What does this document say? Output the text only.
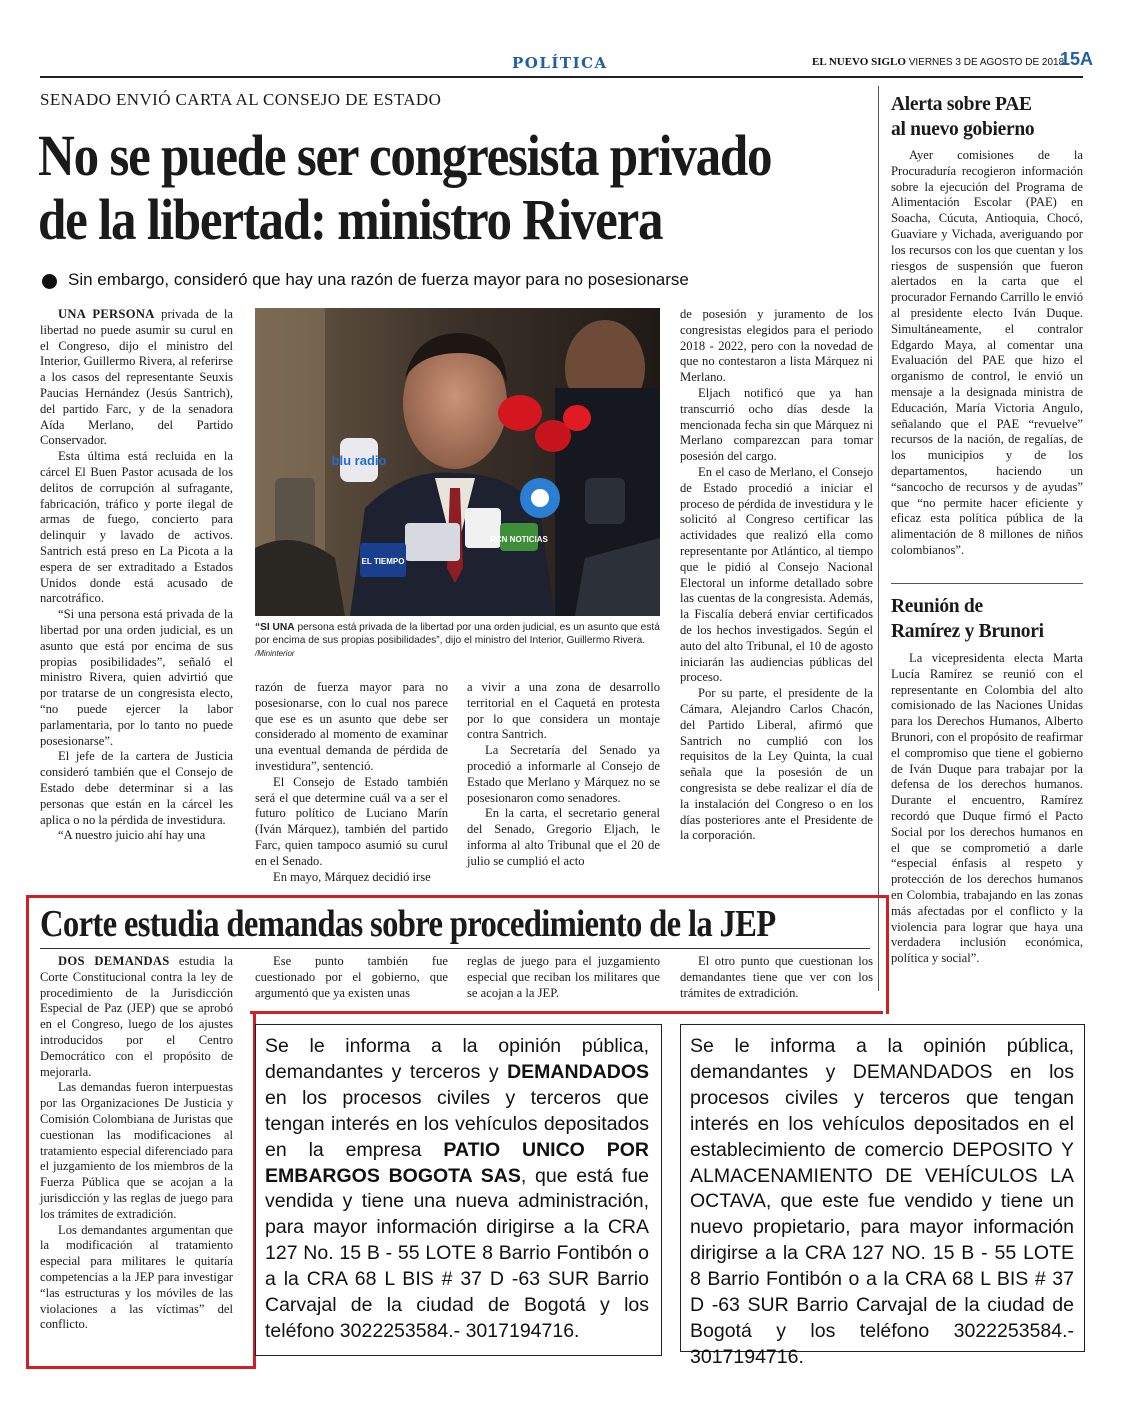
POLÍTICA	EL NUEVO SIGLO VIERNES 3 DE AGOSTO DE 2018
15A
SENADO ENVIÓ CARTA AL CONSEJO DE ESTADO
No se puede ser congresista privado
de la libertad: ministro Rivera
Sin embargo, consideró que hay una razón de fuerza mayor para no posesionarse

UNA PERSONA privada de la libertad no puede asumir su curul en el Congreso, dijo el ministro del Interior, Guillermo Rivera, al referirse a los casos del representante Seuxis Paucias Hernández (Jesús Santrich), del partido Farc, y de la senadora Aída Merlano, del Partido Conservador.

Esta última está recluida en la cárcel El Buen Pastor acusada de los delitos de corrupción al sufragante, fabricación, tráfico y porte ilegal de armas de fuego, concierto para delinquir y lavado de activos. Santrich está preso en La Picota a la espera de ser extraditado a Estados Unidos donde está acusado de narcotráfico.

“Si una persona está privada de la libertad por una orden judicial, es un asunto que está por encima de sus propias posibilidades”, señaló el ministro Rivera, quien advirtió que por tratarse de un congresista electo, “no puede ejercer la labor parlamentaria, por lo tanto no puede posesionarse”.

El jefe de la cartera de Justicia consideró también que el Consejo de Estado debe determinar si a las personas que están en la cárcel les aplica o no la pérdida de investidura.

“A nuestro juicio ahí hay una

blu radio
RCN NOTICIAS
EL TIEMPO
“SI UNA persona está privada de la libertad por una orden judicial, es un asunto que está por encima de sus propias posibilidades”, dijo el ministro del Interior, Guillermo Rivera. /Mininterior

razón de fuerza mayor para no posesionarse, con lo cual nos parece que ese es un asunto que debe ser considerado al momento de examinar una eventual demanda de pérdida de investidura”, sentenció.

El Consejo de Estado también será el que determine cuál va a ser el futuro político de Luciano Marín (Iván Márquez), también del partido Farc, quien tampoco asumió su curul en el Senado.

En mayo, Márquez decidió irse

a vivir a una zona de desarrollo territorial en el Caquetá en protesta por lo que considera un montaje contra Santrich.

La Secretaría del Senado ya procedió a informarle al Consejo de Estado que Merlano y Márquez no se posesionaron como senadores.

En la carta, el secretario general del Senado, Gregorio Eljach, le informa al alto Tribunal que el 20 de julio se cumplió el acto

de posesión y juramento de los congresistas elegidos para el periodo 2018 - 2022, pero con la novedad de que no contestaron a lista Márquez ni Merlano.

Eljach notificó que ya han transcurrió ocho días desde la mencionada fecha sin que Márquez ni Merlano comparezcan para tomar posesión del cargo.

En el caso de Merlano, el Consejo de Estado procedió a iniciar el proceso de pérdida de investidura y le solicitó al Congreso certificar las actividades que realizó ella como representante por Atlántico, al tiempo que le pidió al Consejo Nacional Electoral un informe detallado sobre las cuentas de la congresista. Además, la Fiscalía deberá enviar certificados de los hechos investigados. Según el auto del alto Tribunal, el 10 de agosto iniciarán las audiencias públicas del proceso.

Por su parte, el presidente de la Cámara, Alejandro Carlos Chacón, del Partido Liberal, afirmó que Santrich no cumplió con los requisitos de la Ley Quinta, la cual señala que la posesión de un congresista se debe realizar el día de la instalación del Congreso o en los días posteriores ante el Presidente de la corporación.

Alerta sobre PAE
al nuevo gobierno

Ayer comisiones de la Procuraduría recogieron información sobre la ejecución del Programa de Alimentación Escolar (PAE) en Soacha, Cúcuta, Antioquia, Chocó, Guaviare y Vichada, averiguando por los recursos con los que cuentan y los riesgos de suspensión que fueron alertados en la carta que el procurador Fernando Carrillo le envió al presidente electo Iván Duque. Simultáneamente, el contralor Edgardo Maya, al comentar una Evaluación del PAE que hizo el organismo de control, le envió un mensaje a la designada ministra de Educación, María Victoria Angulo, señalando que el PAE “revuelve” recursos de la nación, de regalías, de los municipios y de los departamentos, haciendo un “sancocho de recursos y de ayudas” que “no permite hacer eficiente y eficaz esta política pública de la alimentación de 8 millones de niños colombianos”.

Reunión de
Ramírez y Brunori

La vicepresidenta electa Marta Lucía Ramírez se reunió con el representante en Colombia del alto comisionado de las Naciones Unidas para los Derechos Humanos, Alberto Brunori, con el propósito de reafirmar el compromiso que tiene el gobierno de Iván Duque para trabajar por la defensa de los derechos humanos. Durante el encuentro, Ramírez recordó que Duque firmó el Pacto Social por los derechos humanos en el que se comprometió a darle “especial énfasis al respeto y protección de los derechos humanos en Colombia, trabajando en las zonas más afectadas por el conflicto y la violencia para lograr que haya una verdadera inclusión económica, política y social”.

Corte estudia demandas sobre procedimiento de la JEP

DOS DEMANDAS estudia la Corte Constitucional contra la ley de procedimiento de la Jurisdicción Especial de Paz (JEP) que se aprobó en el Congreso, luego de los ajustes introducidos por el Centro Democrático con el propósito de mejorarla.

Las demandas fueron interpuestas por las Organizaciones De Justicia y Comisión Colombiana de Juristas que cuestionan las modificaciones al tratamiento especial diferenciado para el juzgamiento de los miembros de la Fuerza Pública que se acojan a la jurisdicción y las reglas de juego para los trámites de extradición.

Los demandantes argumentan que la modificación al tratamiento especial para militares le quitaría competencias a la JEP para investigar “las estructuras y los móviles de las violaciones a las víctimas” del conflicto.

Ese punto también fue cuestionado por el gobierno, que argumentó que ya existen unas

reglas de juego para el juzgamiento especial que reciban los militares que se acojan a la JEP.

El otro punto que cuestionan los demandantes tiene que ver con los trámites de extradición.

Se le informa a la opinión pública, demandantes y terceros y DEMANDADOS en los procesos civiles y terceros que tengan interés en los vehículos depositados en la empresa PATIO UNICO POR EMBARGOS BOGOTA SAS, que está fue vendida y tiene una nueva administración, para mayor información dirigirse a la CRA 127 No. 15 B - 55 LOTE 8 Barrio Fontibón o a la CRA 68 L BIS # 37 D -63 SUR Barrio Carvajal de la ciudad de Bogotá y los teléfono 3022253584.- 3017194716.
Se le informa a la opinión pública, demandantes y DEMANDADOS en los procesos civiles y terceros que tengan interés en los vehículos depositados en el establecimiento de comercio DEPOSITO Y ALMACENAMIENTO DE VEHÍCULOS LA OCTAVA, que este fue vendido y tiene un nuevo propietario, para mayor información dirigirse a la CRA 127 NO. 15 B - 55 LOTE 8 Barrio Fontibón o a la CRA 68 L BIS # 37 D -63 SUR Barrio Carvajal de la ciudad de Bogotá y los teléfono 3022253584.- 3017194716.
